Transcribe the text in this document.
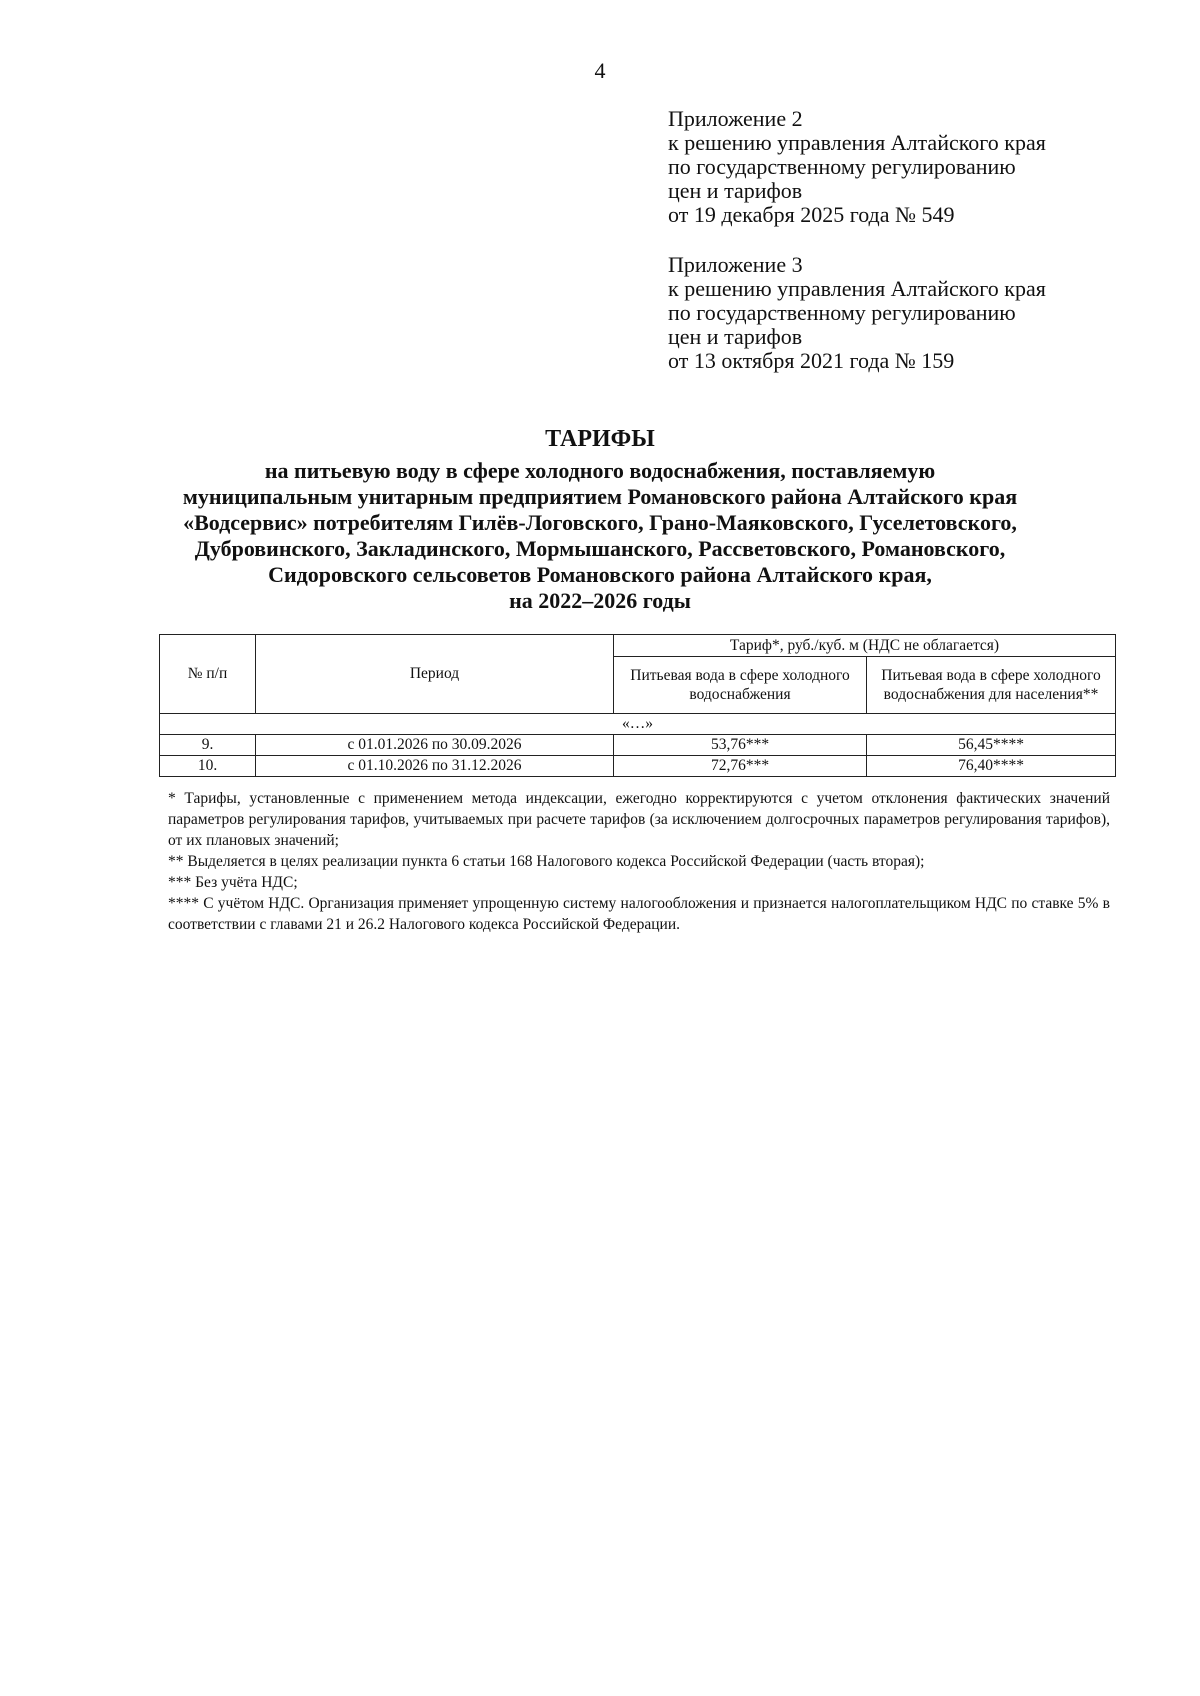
4
Приложение 2
к решению управления Алтайского края
по государственному регулированию
цен и тарифов
от 19 декабря 2025 года № 549
Приложение 3
к решению управления Алтайского края
по государственному регулированию
цен и тарифов
от 13 октября 2021 года № 159
ТАРИФЫ
на питьевую воду в сфере холодного водоснабжения, поставляемую
муниципальным унитарным предприятием Романовского района Алтайского края
«Водсервис» потребителям Гилёв-Логовского, Грано-Маяковского, Гуселетовского,
Дубровинского, Закладинского, Мормышанского, Рассветовского, Романовского,
Сидоровского сельсоветов Романовского района Алтайского края,
на 2022–2026 годы
№ п/п	Период	Тариф*, руб./куб. м (НДС не облагается)	
		Питьевая вода в сфере холодного водоснабжения	Питьевая вода в сфере холодного водоснабжения для населения**
«…»			
9.	с 01.01.2026 по 30.09.2026	53,76***	56,45****
10.	с 01.10.2026 по 31.12.2026	72,76***	76,40****

* Тарифы, установленные с применением метода индексации, ежегодно корректируются с учетом отклонения фактических значений параметров регулирования тарифов, учитываемых при расчете тарифов (за исключением долгосрочных параметров регулирования тарифов), от их плановых значений;

** Выделяется в целях реализации пункта 6 статьи 168 Налогового кодекса Российской Федерации (часть вторая);

*** Без учёта НДС;

**** С учётом НДС. Организация применяет упрощенную систему налогообложения и признается налогоплательщиком НДС по ставке 5% в соответствии с главами 21 и 26.2 Налогового кодекса Российской Федерации.
